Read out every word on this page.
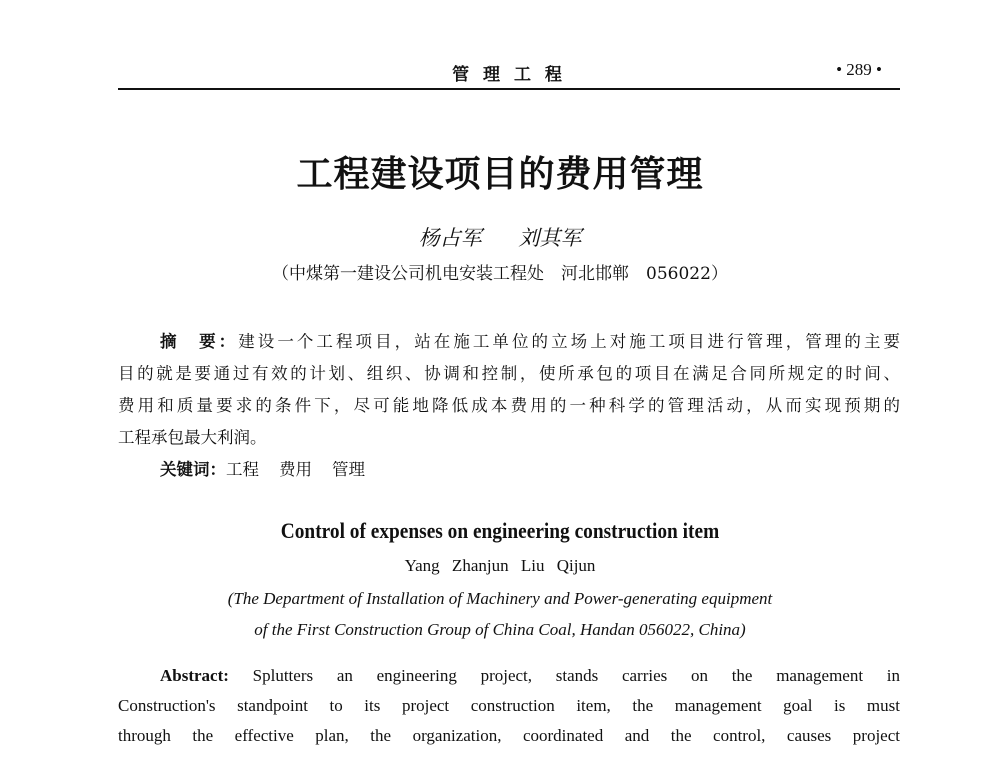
管 理 工 程	• 289 •
工程建设项目的费用管理
杨占军 刘其军
（中煤第一建设公司机电安装工程处　河北邯郸　056022）
摘　要：建设一个工程项目，站在施工单位的立场上对施工项目进行管理，管理的主要
目的就是要通过有效的计划、组织、协调和控制，使所承包的项目在满足合同所规定的时间、
费用和质量要求的条件下，尽可能地降低成本费用的一种科学的管理活动，从而实现预期的
工程承包最大利润。
关键词：工程 费用 管理
Control of expenses on engineering construction item
Yang Zhanjun Liu Qijun
(The Department of Installation of Machinery and Power-generating equipment
of the First Construction Group of China Coal, Handan 056022, China)
Abstract: Splutters an engineering project, stands carries on the management in
Construction's standpoint to its project construction item, the management goal is must
through the effective plan, the organization, coordinated and the control, causes project
